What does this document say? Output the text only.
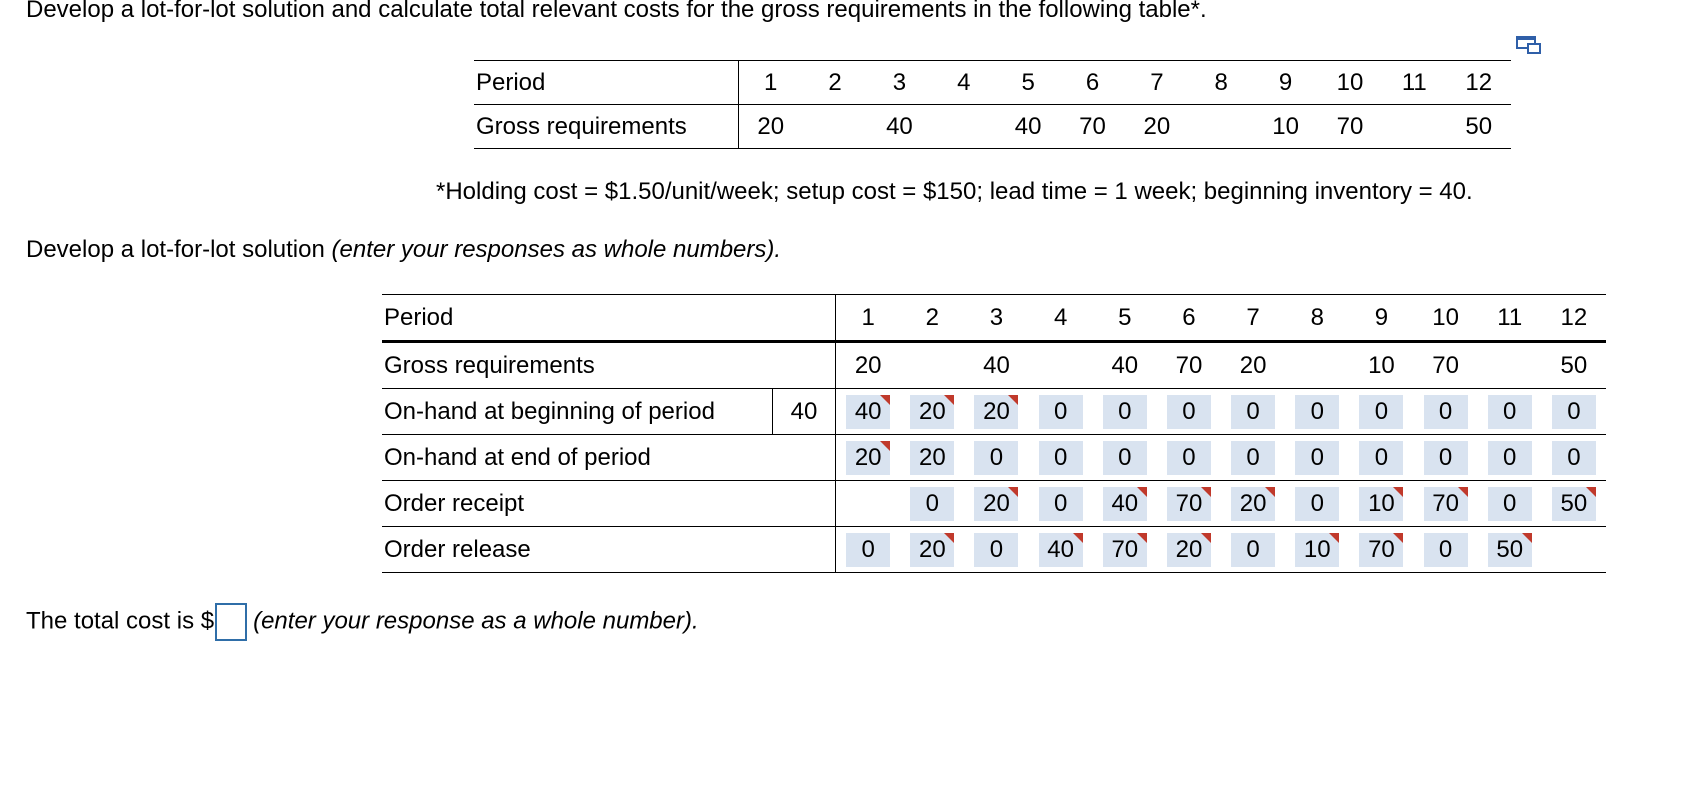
Develop a lot-for-lot solution and calculate total relevant costs for the gross requirements in the following table*.
Period	1	2	3	4	5	6	7	8	9	10	11	12
Gross requirements	20		40		40	70	20		10	70		50
*Holding cost = $1.50/unit/week; setup cost = $150; lead time = 1 week; beginning inventory = 40.
Develop a lot-for-lot solution (enter your responses as whole numbers).
Period		1	2	3	4	5	6	7	8	9	10	11	12
Gross requirements		20		40		40	70	20		10	70		50
On-hand at beginning of period	40	40	20	20	0	0	0	0	0	0	0	0	0
On-hand at end of period		20	20	0	0	0	0	0	0	0	0	0	0
Order receipt			0	20	0	40	70	20	0	10	70	0	50

Order release		0	20	0	40	70	20	0	10	70	0	50

The total cost is $ (enter your response as a whole number).
